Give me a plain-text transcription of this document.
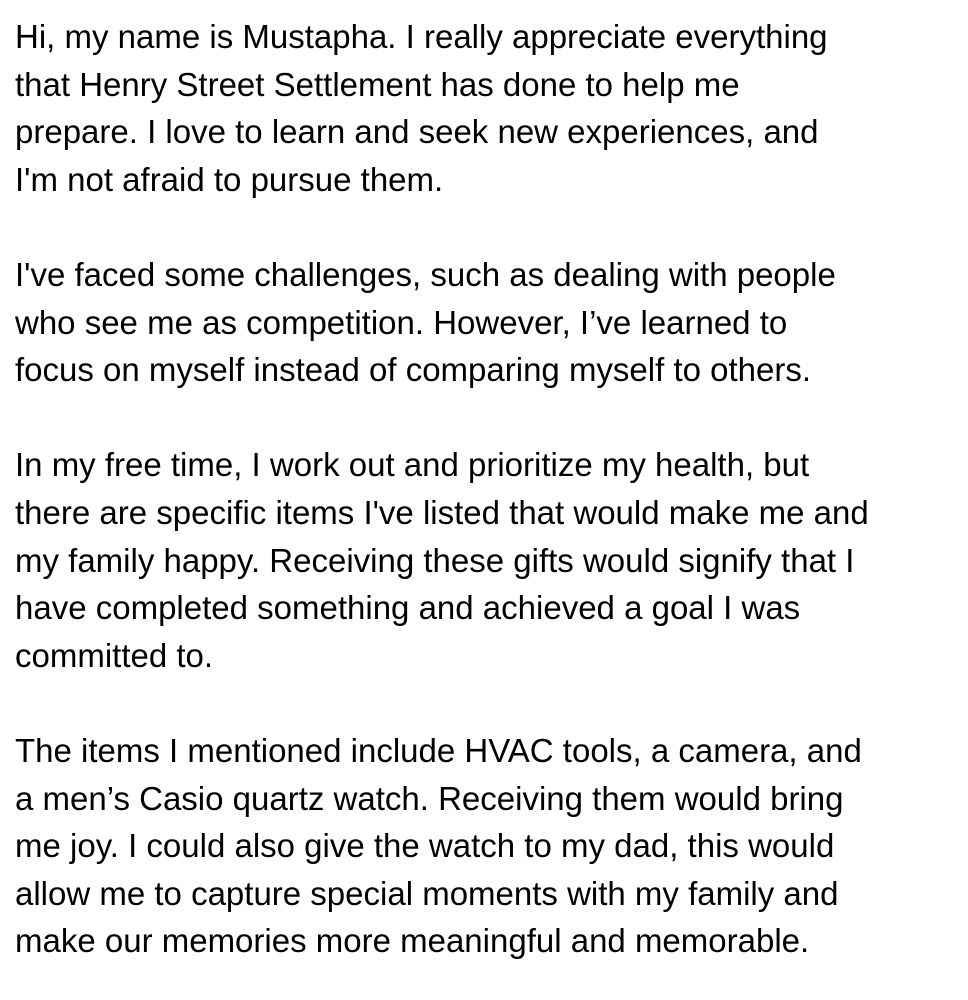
Hi, my name is Mustapha. I really appreciate everything
that Henry Street Settlement has done to help me
prepare. I love to learn and seek new experiences, and
I'm not afraid to pursue them.

I've faced some challenges, such as dealing with people
who see me as competition. However, I’ve learned to
focus on myself instead of comparing myself to others.

In my free time, I work out and prioritize my health, but
there are specific items I've listed that would make me and
my family happy. Receiving these gifts would signify that I
have completed something and achieved a goal I was
committed to.

The items I mentioned include HVAC tools, a camera, and
a men’s Casio quartz watch. Receiving them would bring
me joy. I could also give the watch to my dad, this would
allow me to capture special moments with my family and
make our memories more meaningful and memorable.
